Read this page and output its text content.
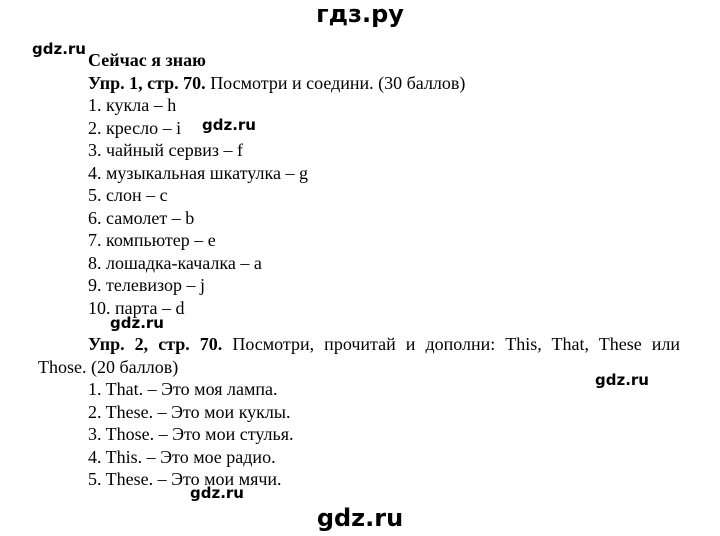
гдз.ру
Сейчас я знаю
Упр. 1, стр. 70. Посмотри и соедини. (30 баллов)
1. кукла – h
2. кресло – i
3. чайный сервиз – f
4. музыкальная шкатулка – g
5. слон – c
6. самолет – b
7. компьютер – e
8. лошадка-качалка – a
9. телевизор – j
10. парта – d
Упр. 2, стр. 70. Посмотри, прочитай и дополни: This, That, These или
Those. (20 баллов)
1. That. – Это моя лампа.
2. These. – Это мои куклы.
3. Those. – Это мои стулья.
4. This. – Это мое радио.
5. These. – Это мои мячи.
gdz.ru
gdz.ru
gdz.ru
gdz.ru
gdz.ru
gdz.ru
